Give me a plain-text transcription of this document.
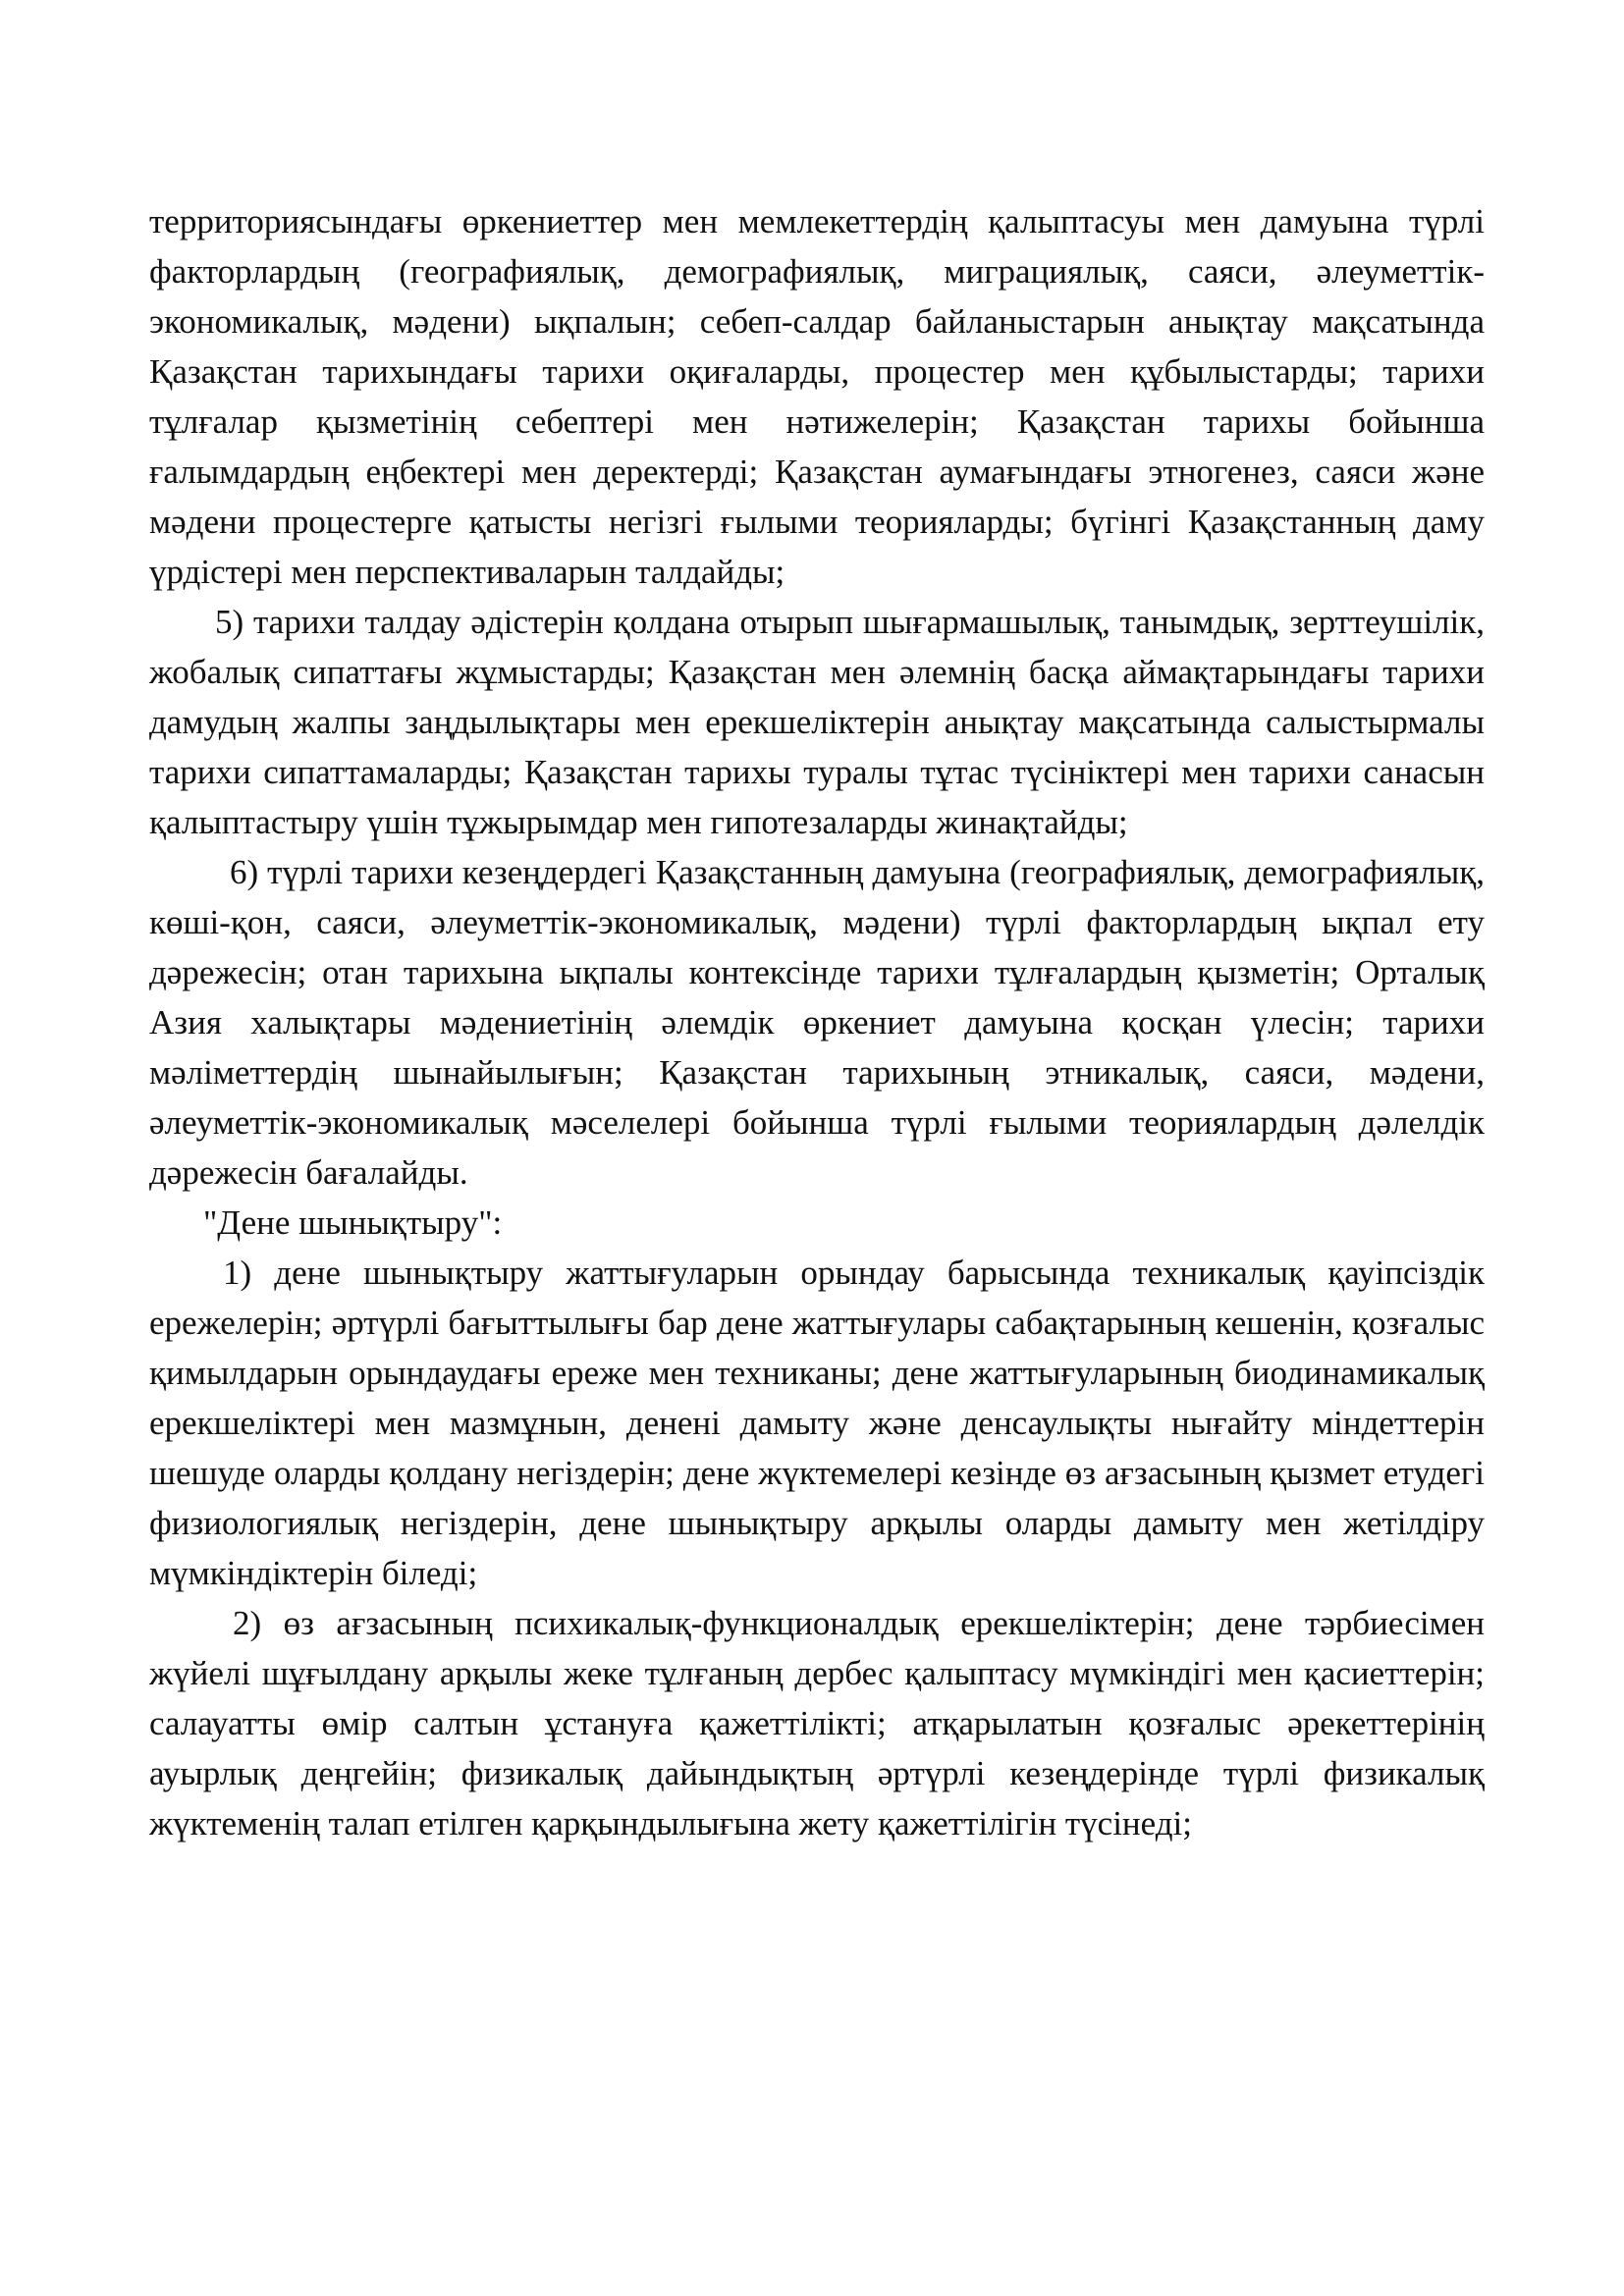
территориясындағы өркениеттер мен мемлекеттердің қалыптасуы мен дамуына түрлі факторлардың (географиялық, демографиялық, миграциялық, саяси, әлеуметтік-экономикалық, мәдени) ықпалын; себеп-салдар байланыстарын анықтау мақсатында Қазақстан тарихындағы тарихи оқиғаларды, процестер мен құбылыстарды; тарихи тұлғалар қызметінің себептері мен нәтижелерін; Қазақстан тарихы бойынша ғалымдардың еңбектері мен деректерді; Қазақстан аумағындағы этногенез, саяси және мәдени процестерге қатысты негізгі ғылыми теорияларды; бүгінгі Қазақстанның даму үрдістері мен перспективаларын талдайды;

5) тарихи талдау әдістерін қолдана отырып шығармашылық, танымдық, зерттеушілік, жобалық сипаттағы жұмыстарды; Қазақстан мен әлемнің басқа аймақтарындағы тарихи дамудың жалпы заңдылықтары мен ерекшеліктерін анықтау мақсатында салыстырмалы тарихи сипаттамаларды; Қазақстан тарихы туралы тұтас түсініктері мен тарихи санасын қалыптастыру үшін тұжырымдар мен гипотезаларды жинақтайды;

6) түрлі тарихи кезеңдердегі Қазақстанның дамуына (географиялық, демографиялық, көші-қон, саяси, әлеуметтік-экономикалық, мәдени) түрлі факторлардың ықпал ету дәрежесін; отан тарихына ықпалы контексінде тарихи тұлғалардың қызметін; Орталық Азия халықтары мәдениетінің әлемдік өркениет дамуына қосқан үлесін; тарихи мәліметтердің шынайылығын; Қазақстан тарихының этникалық, саяси, мәдени, әлеуметтік-экономикалық мәселелері бойынша түрлі ғылыми теориялардың дәлелдік дәрежесін бағалайды.

"Дене шынықтыру":

1) дене шынықтыру жаттығуларын орындау барысында техникалық қауіпсіздік ережелерін; әртүрлі бағыттылығы бар дене жаттығулары сабақтарының кешенін, қозғалыс қимылдарын орындаудағы ереже мен техниканы; дене жаттығуларының биодинамикалық ерекшеліктері мен мазмұнын, денені дамыту және денсаулықты нығайту міндеттерін шешуде оларды қолдану негіздерін; дене жүктемелері кезінде өз ағзасының қызмет етудегі физиологиялық негіздерін, дене шынықтыру арқылы оларды дамыту мен жетілдіру мүмкіндіктерін біледі;

2) өз ағзасының психикалық-функционалдық ерекшеліктерін; дене тәрбиесімен жүйелі шұғылдану арқылы жеке тұлғаның дербес қалыптасу мүмкіндігі мен қасиеттерін; салауатты өмір салтын ұстануға қажеттілікті; атқарылатын қозғалыс әрекеттерінің ауырлық деңгейін; физикалық дайындықтың әртүрлі кезеңдерінде түрлі физикалық жүктеменің талап етілген қарқындылығына жету қажеттілігін түсінеді;
